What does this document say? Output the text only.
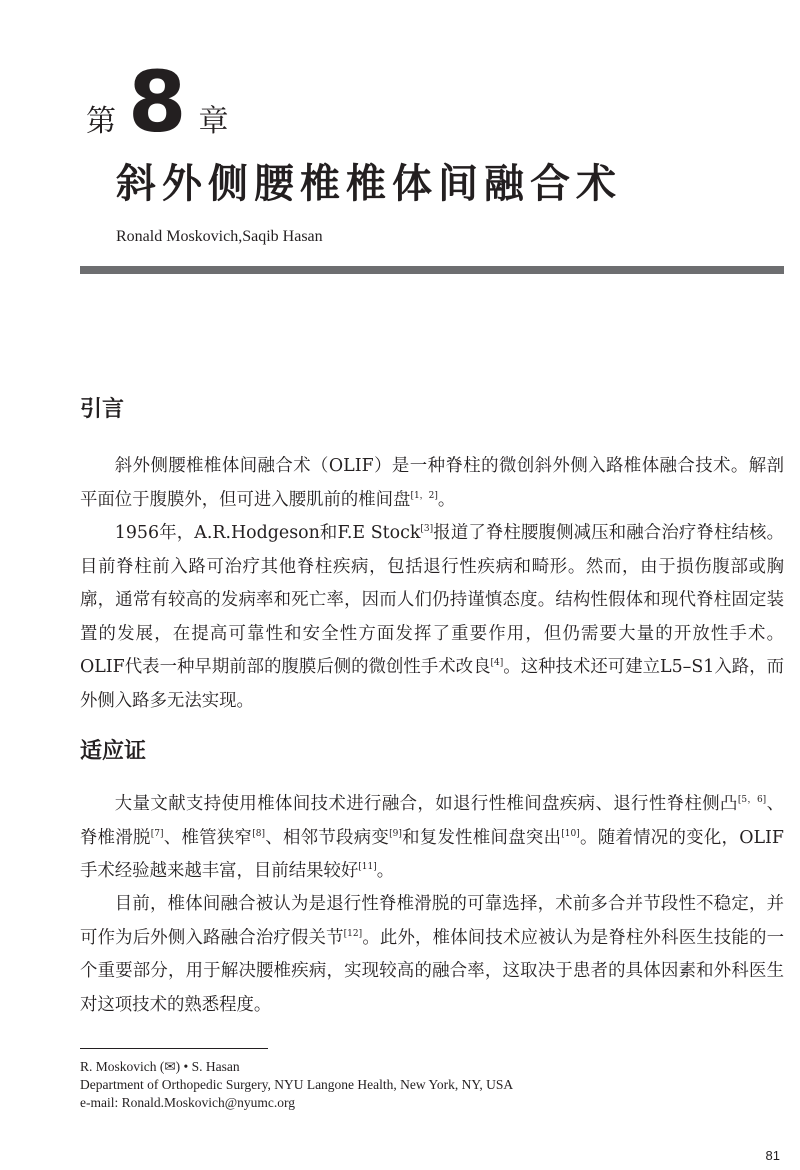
第 8 章
斜外侧腰椎椎体间融合术
Ronald Moskovich,Saqib Hasan
引言

斜外侧腰椎椎体间融合术（OLIF）是一种脊柱的微创斜外侧入路椎体融合技术。解剖平面位于腹膜外，但可进入腰肌前的椎间盘[1，2]。

1956年，A.R.Hodgeson和F.E Stock[3]报道了脊柱腰腹侧减压和融合治疗脊柱结核。目前脊柱前入路可治疗其他脊柱疾病，包括退行性疾病和畸形。然而，由于损伤腹部或胸廓，通常有较高的发病率和死亡率，因而人们仍持谨慎态度。结构性假体和现代脊柱固定装置的发展，在提高可靠性和安全性方面发挥了重要作用，但仍需要大量的开放性手术。OLIF代表一种早期前部的腹膜后侧的微创性手术改良[4]。这种技术还可建立L5–S1入路，而外侧入路多无法实现。

适应证

大量文献支持使用椎体间技术进行融合，如退行性椎间盘疾病、退行性脊柱侧凸[5，6]、脊椎滑脱[7]、椎管狭窄[8]、相邻节段病变[9]和复发性椎间盘突出[10]。随着情况的变化，OLIF手术经验越来越丰富，目前结果较好[11]。

目前，椎体间融合被认为是退行性脊椎滑脱的可靠选择，术前多合并节段性不稳定，并可作为后外侧入路融合治疗假关节[12]。此外，椎体间技术应被认为是脊柱外科医生技能的一个重要部分，用于解决腰椎疾病，实现较高的融合率，这取决于患者的具体因素和外科医生对这项技术的熟悉程度。

R. Moskovich (✉) • S. Hasan
Department of Orthopedic Surgery, NYU Langone Health, New York, NY, USA
e-mail: Ronald.Moskovich@nyumc.org
81
